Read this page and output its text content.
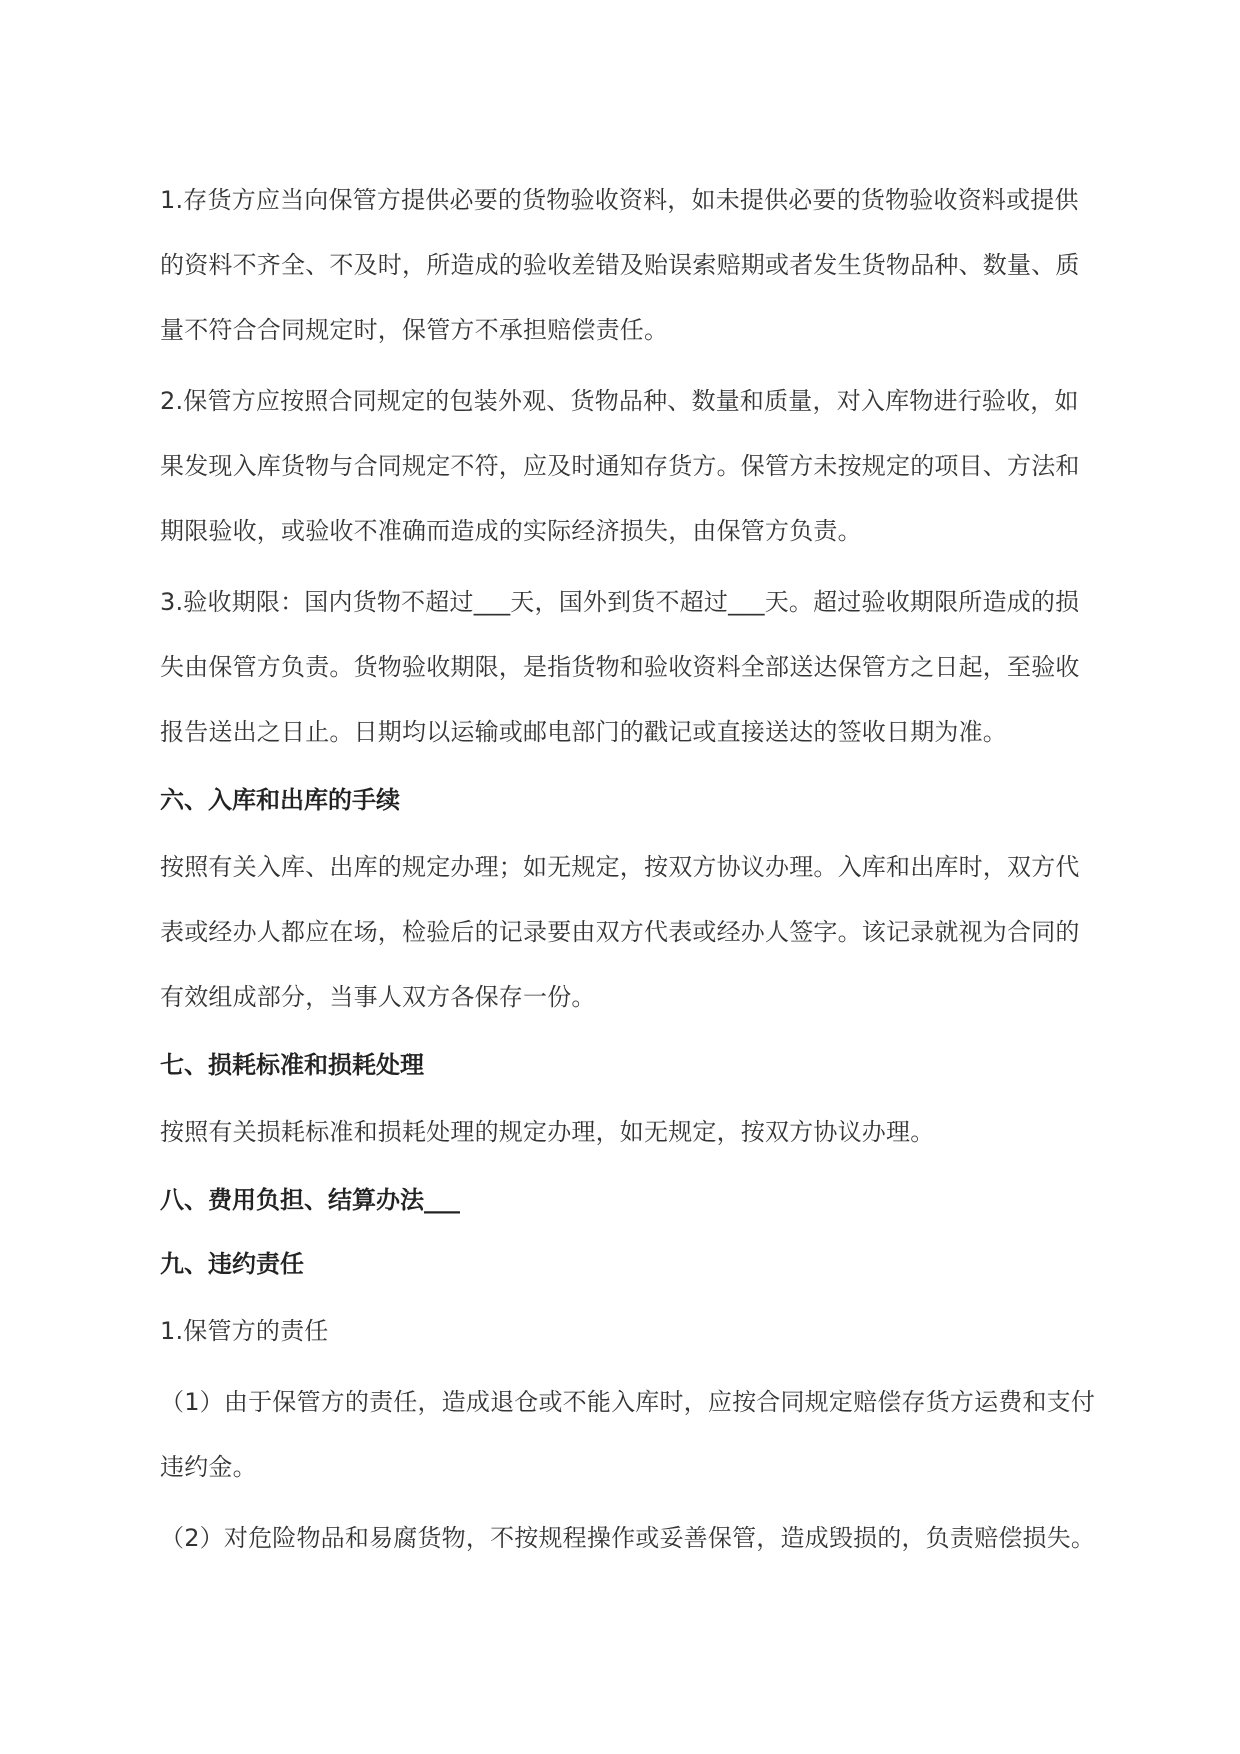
1.存货方应当向保管方提供必要的货物验收资料，如未提供必要的货物验收资料或提供的资料不齐全、不及时，所造成的验收差错及贻误索赔期或者发生货物品种、数量、质量不符合合同规定时，保管方不承担赔偿责任。

2.保管方应按照合同规定的包装外观、货物品种、数量和质量，对入库物进行验收，如果发现入库货物与合同规定不符，应及时通知存货方。保管方未按规定的项目、方法和期限验收，或验收不准确而造成的实际经济损失，由保管方负责。

3.验收期限：国内货物不超过___天，国外到货不超过___天。超过验收期限所造成的损失由保管方负责。货物验收期限，是指货物和验收资料全部送达保管方之日起，至验收报告送出之日止。日期均以运输或邮电部门的戳记或直接送达的签收日期为准。

六、入库和出库的手续

按照有关入库、出库的规定办理；如无规定，按双方协议办理。入库和出库时，双方代表或经办人都应在场，检验后的记录要由双方代表或经办人签字。该记录就视为合同的 有效组成部分，当事人双方各保存一份。

七、损耗标准和损耗处理

按照有关损耗标准和损耗处理的规定办理，如无规定，按双方协议办理。

八、费用负担、结算办法___
九、违约责任

1.保管方的责任

（1）由于保管方的责任，造成退仓或不能入库时，应按合同规定赔偿存货方运费和支付违约金。

（2）对危险物品和易腐货物，不按规程操作或妥善保管，造成毁损的，负责赔偿损失。
